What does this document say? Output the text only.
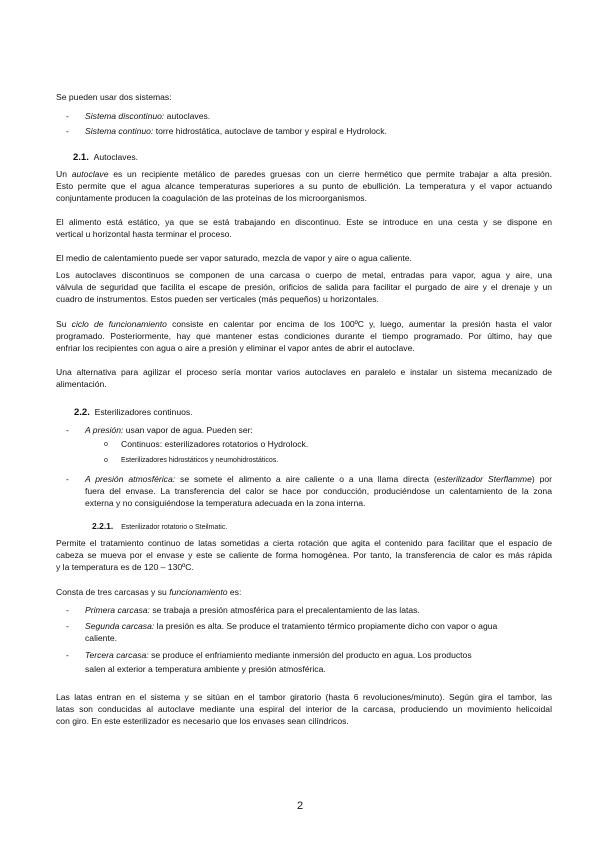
Se pueden usar dos sistemas:
- Sistema discontinuo: autoclaves.
- Sistema continuo: torre hidrostática, autoclave de tambor y espiral e Hydrolock.
2.1. Autoclaves.
Un autoclave es un recipiente metálico de paredes gruesas con un cierre hermético que permite trabajar a alta presión.
Esto permite que el agua alcance temperaturas superiores a su punto de ebullición. La temperatura y el vapor actuando
conjuntamente producen la coagulación de las proteínas de los microorganismos.
El alimento está estático, ya que se está trabajando en discontinuo. Este se introduce en una cesta y se dispone en
vertical u horizontal hasta terminar el proceso.
El medio de calentamiento puede ser vapor saturado, mezcla de vapor y aire o agua caliente.
Los autoclaves discontinuos se componen de una carcasa o cuerpo de metal, entradas para vapor, agua y aire, una
válvula de seguridad que facilita el escape de presión, orificios de salida para facilitar el purgado de aire y el drenaje y un
cuadro de instrumentos. Estos pueden ser verticales (más pequeños) u horizontales.
Su ciclo de funcionamiento consiste en calentar por encima de los 100ºC y, luego, aumentar la presión hasta el valor
programado. Posteriormente, hay que mantener estas condiciones durante el tiempo programado. Por último, hay que
enfriar los recipientes con agua o aire a presión y eliminar el vapor antes de abrir el autoclave.
Una alternativa para agilizar el proceso sería montar varios autoclaves en paralelo e instalar un sistema mecanizado de
alimentación.
2.2. Esterilizadores continuos.
- A presión: usan vapor de agua. Pueden ser:
o Continuos: esterilizadores rotatorios o Hydrolock.
o Esterilizadores hidrostáticos y neumohidrostáticos.
- A presión atmosférica: se somete el alimento a aire caliente o a una llama directa (esterilizador Sterflamme) por
fuera del envase. La transferencia del calor se hace por conducción, produciéndose un calentamiento de la zona
externa y no consiguiéndose la temperatura adecuada en la zona interna.
2.2.1. Esterilizador rotatorio o Steilmatic.
Permite el tratamiento continuo de latas sometidas a cierta rotación que agita el contenido para facilitar que el espacio de
cabeza se mueva por el envase y este se caliente de forma homogénea. Por tanto, la transferencia de calor es más rápida
y la temperatura es de 120 – 130ºC.
Consta de tres carcasas y su funcionamiento es:
- Primera carcasa: se trabaja a presión atmosférica para el precalentamiento de las latas.
- Segunda carcasa: la presión es alta. Se produce el tratamiento térmico propiamente dicho con vapor o agua
caliente.
- Tercera carcasa: se produce el enfriamiento mediante inmersión del producto en agua. Los productos
salen al exterior a temperatura ambiente y presión atmosférica.
Las latas entran en el sistema y se sitúan en el tambor giratorio (hasta 6 revoluciones/minuto). Según gira el tambor, las
latas son conducidas al autoclave mediante una espiral del interior de la carcasa, produciendo un movimiento helicoidal
con giro. En este esterilizador es necesario que los envases sean cilíndricos.
2
